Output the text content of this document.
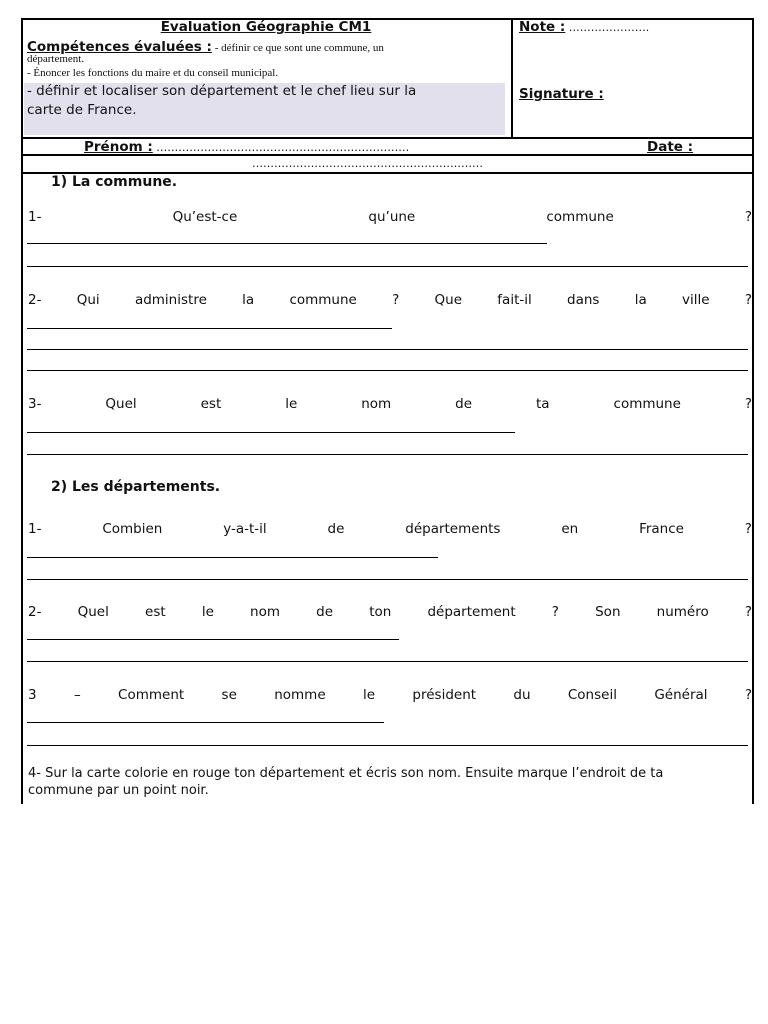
Evaluation Géographie CM1
Compétences évaluées : - définir ce que sont une commune, un
département.
- Énoncer les fonctions du maire et du conseil municipal.
- définir et localiser son département et le chef lieu sur la
carte de France.
Note : ………………….
Signature :
Prénom : ……………………………………………………………	Date :
………………………………………………………
1) La commune.
1-	Qu’est-ce	qu’une	commune ?
2-	Qui	administre	la	commune ?	Que	fait-il	dans	la	ville ?
3-	Quel	est	le	nom	de	ta	commune ?
2) Les départements.
1-	Combien	y-a-t-il	de	départements	en	France ?
2-	Quel	est	le	nom	de	ton	département ?	Son	numéro ?
3	–	Comment	se	nomme	le	président	du	Conseil	Général ?
4- Sur la carte colorie en rouge ton département et écris son nom. Ensuite marque l’endroit de ta
commune par un point noir.
